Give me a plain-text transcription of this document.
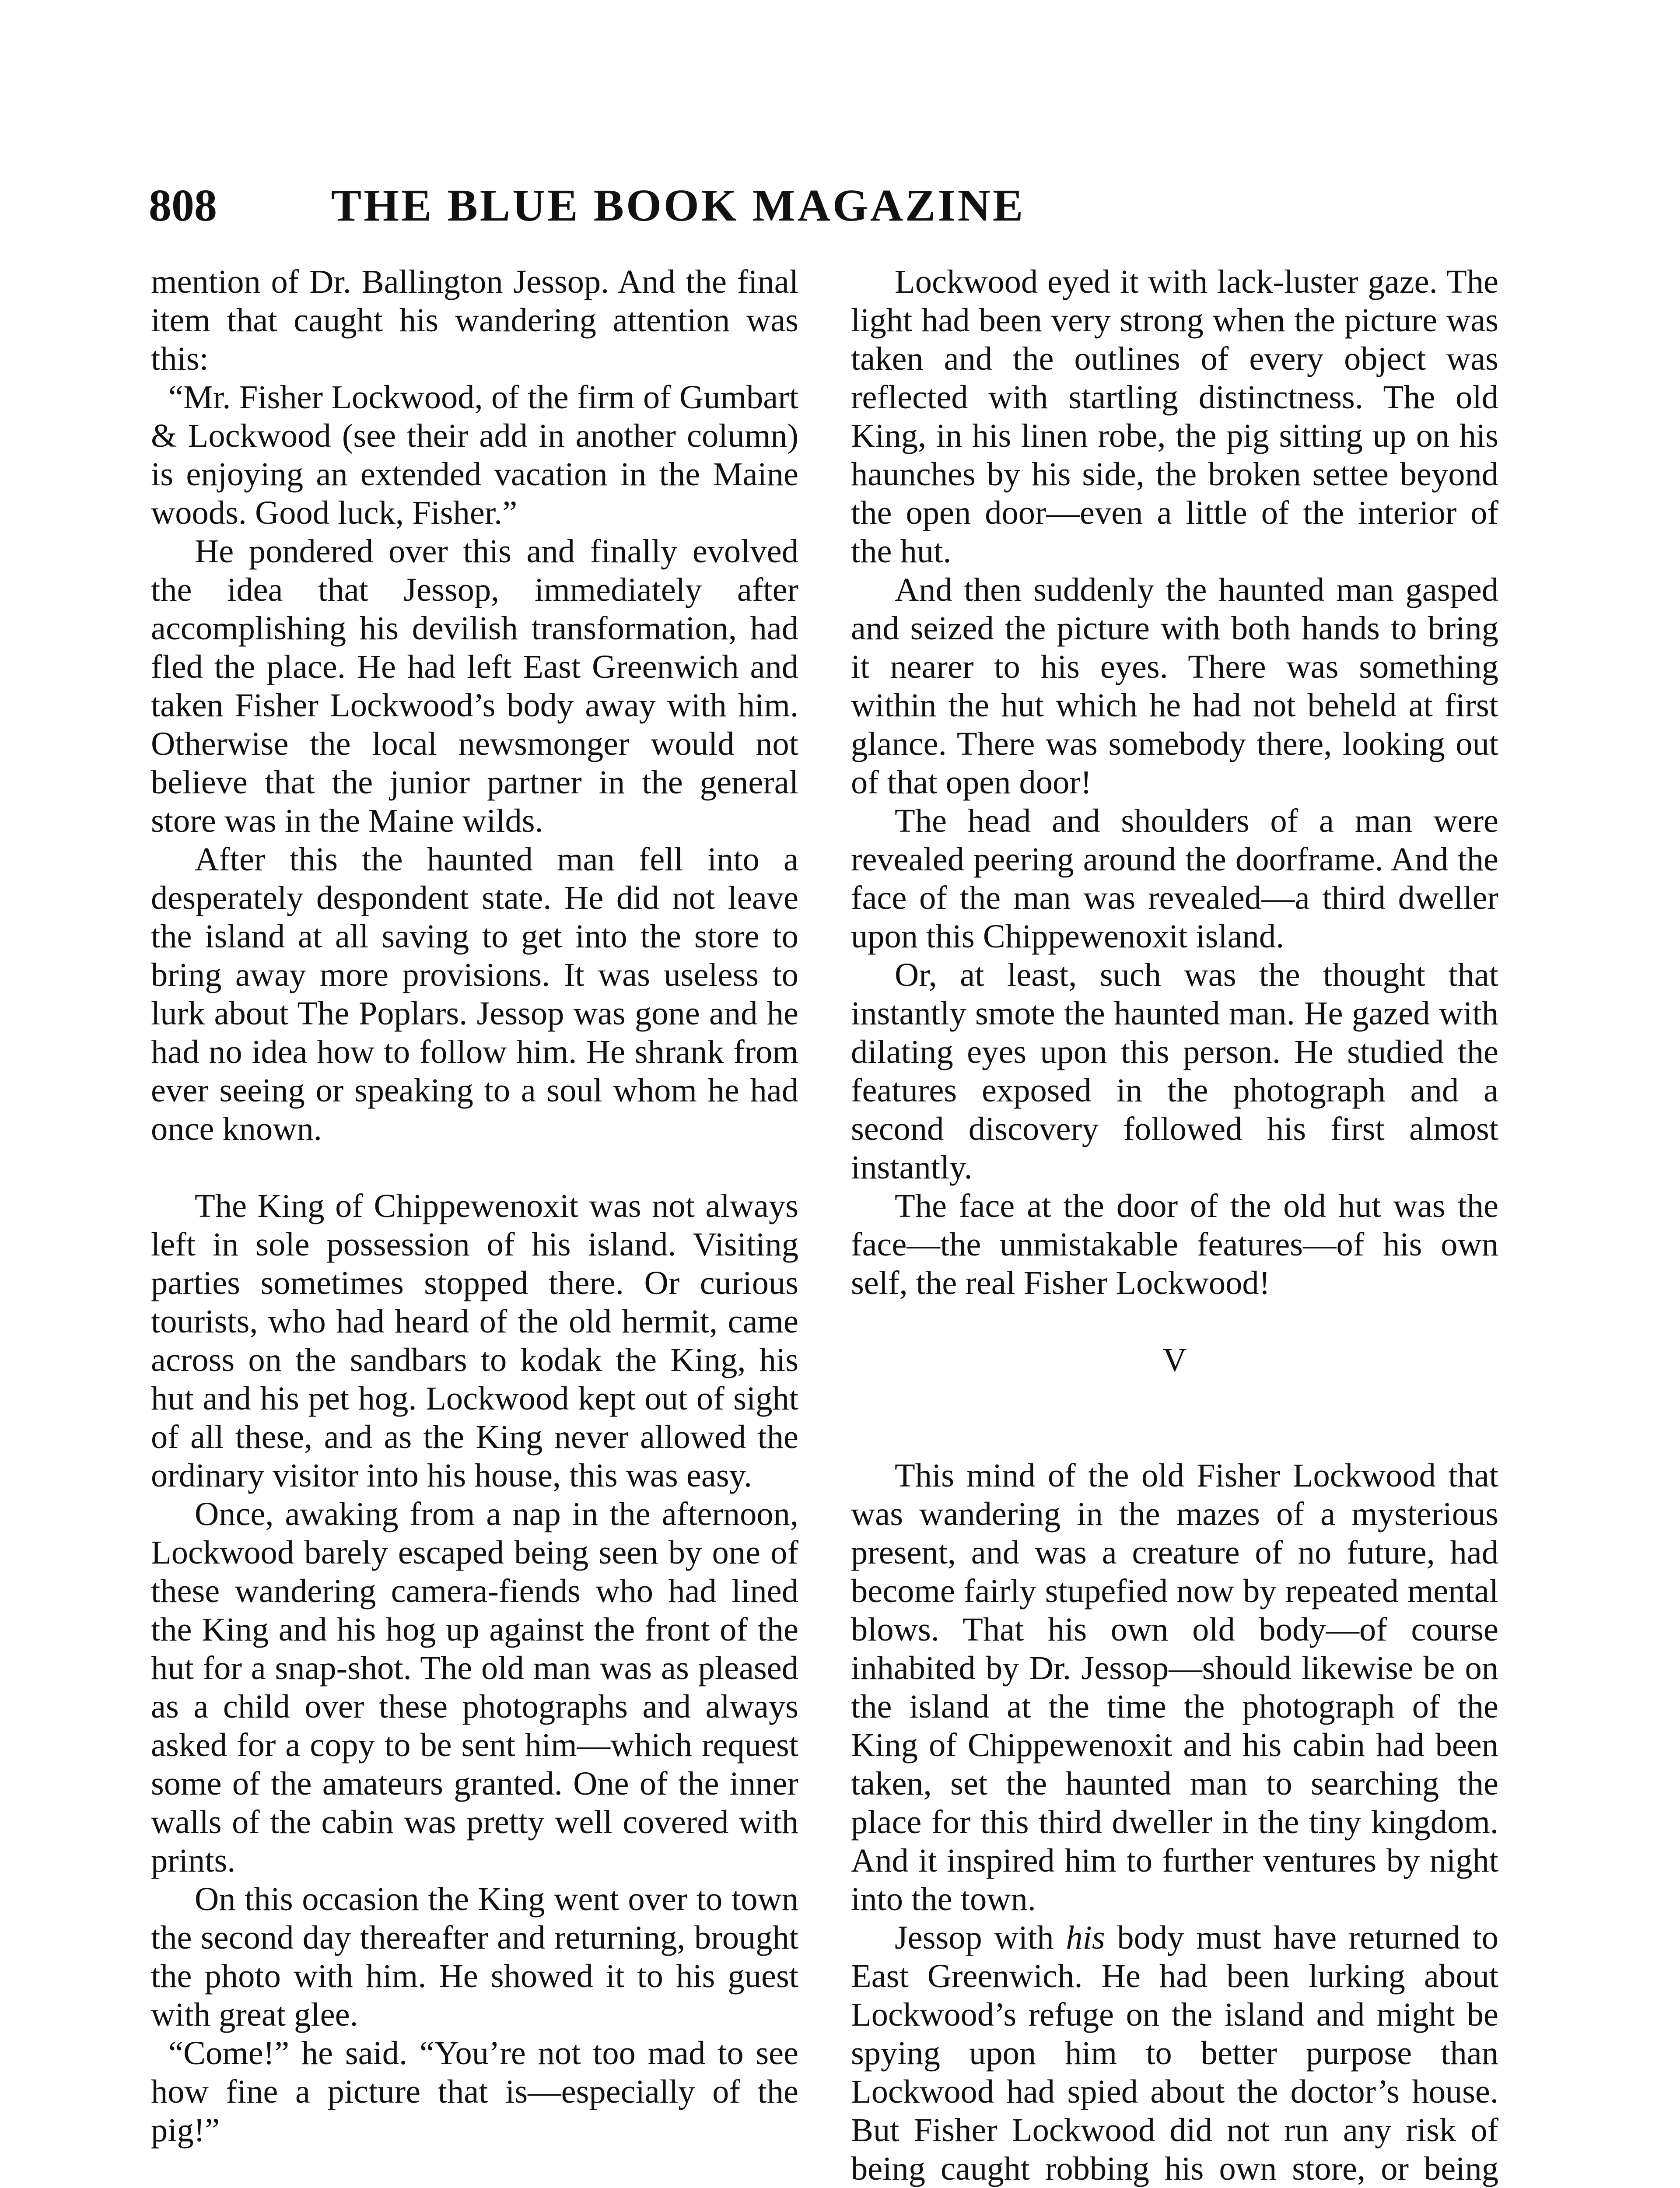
808	THE BLUE BOOK MAGAZINE

mention of Dr. Ballington Jessop. And the final item that caught his wandering attention was this:

“Mr. Fisher Lockwood, of the firm of Gumbart & Lockwood (see their add in another column) is enjoying an extended vacation in the Maine woods. Good luck, Fisher.”

He pondered over this and finally evolved the idea that Jessop, immediately after accomplishing his devilish transformation, had fled the place. He had left East Greenwich and taken Fisher Lockwood’s body away with him. Otherwise the local newsmonger would not believe that the junior partner in the general store was in the Maine wilds.

After this the haunted man fell into a desperately despondent state. He did not leave the island at all saving to get into the store to bring away more provisions. It was useless to lurk about The Poplars. Jessop was gone and he had no idea how to follow him. He shrank from ever seeing or speaking to a soul whom he had once known.

The King of Chippewenoxit was not always left in sole possession of his island. Visiting parties sometimes stopped there. Or curious tourists, who had heard of the old hermit, came across on the sandbars to kodak the King, his hut and his pet hog. Lockwood kept out of sight of all these, and as the King never allowed the ordinary visitor into his house, this was easy.

Once, awaking from a nap in the afternoon, Lockwood barely escaped being seen by one of these wandering camera-fiends who had lined the King and his hog up against the front of the hut for a snap-shot. The old man was as pleased as a child over these photographs and always asked for a copy to be sent him—which request some of the amateurs granted. One of the inner walls of the cabin was pretty well covered with prints.

On this occasion the King went over to town the second day thereafter and returning, brought the photo with him. He showed it to his guest with great glee.

“Come!” he said. “You’re not too mad to see how fine a picture that is—especially of the pig!”

Lockwood eyed it with lack-luster gaze. The light had been very strong when the picture was taken and the outlines of every object was reflected with startling distinctness. The old King, in his linen robe, the pig sitting up on his haunches by his side, the broken settee beyond the open door—even a little of the interior of the hut.

And then suddenly the haunted man gasped and seized the picture with both hands to bring it nearer to his eyes. There was something within the hut which he had not beheld at first glance. There was somebody there, looking out of that open door!

The head and shoulders of a man were revealed peering around the doorframe. And the face of the man was revealed—a third dweller upon this Chippewenoxit island.

Or, at least, such was the thought that instantly smote the haunted man. He gazed with dilating eyes upon this person. He studied the features exposed in the photograph and a second discovery followed his first almost instantly.

The face at the door of the old hut was the face—the unmistakable features—of his own self, the real Fisher Lockwood!

V

This mind of the old Fisher Lockwood that was wandering in the mazes of a mysterious present, and was a creature of no future, had become fairly stupefied now by repeated mental blows. That his own old body—of course inhabited by Dr. Jessop—should likewise be on the island at the time the photograph of the King of Chippewenoxit and his cabin had been taken, set the haunted man to searching the place for this third dweller in the tiny kingdom. And it inspired him to further ventures by night into the town.

Jessop with his body must have returned to East Greenwich. He had been lurking about Lockwood’s refuge on the island and might be spying upon him to better purpose than Lockwood had spied about the doctor’s house. But Fisher Lockwood did not run any risk of being caught robbing his own store, or being
